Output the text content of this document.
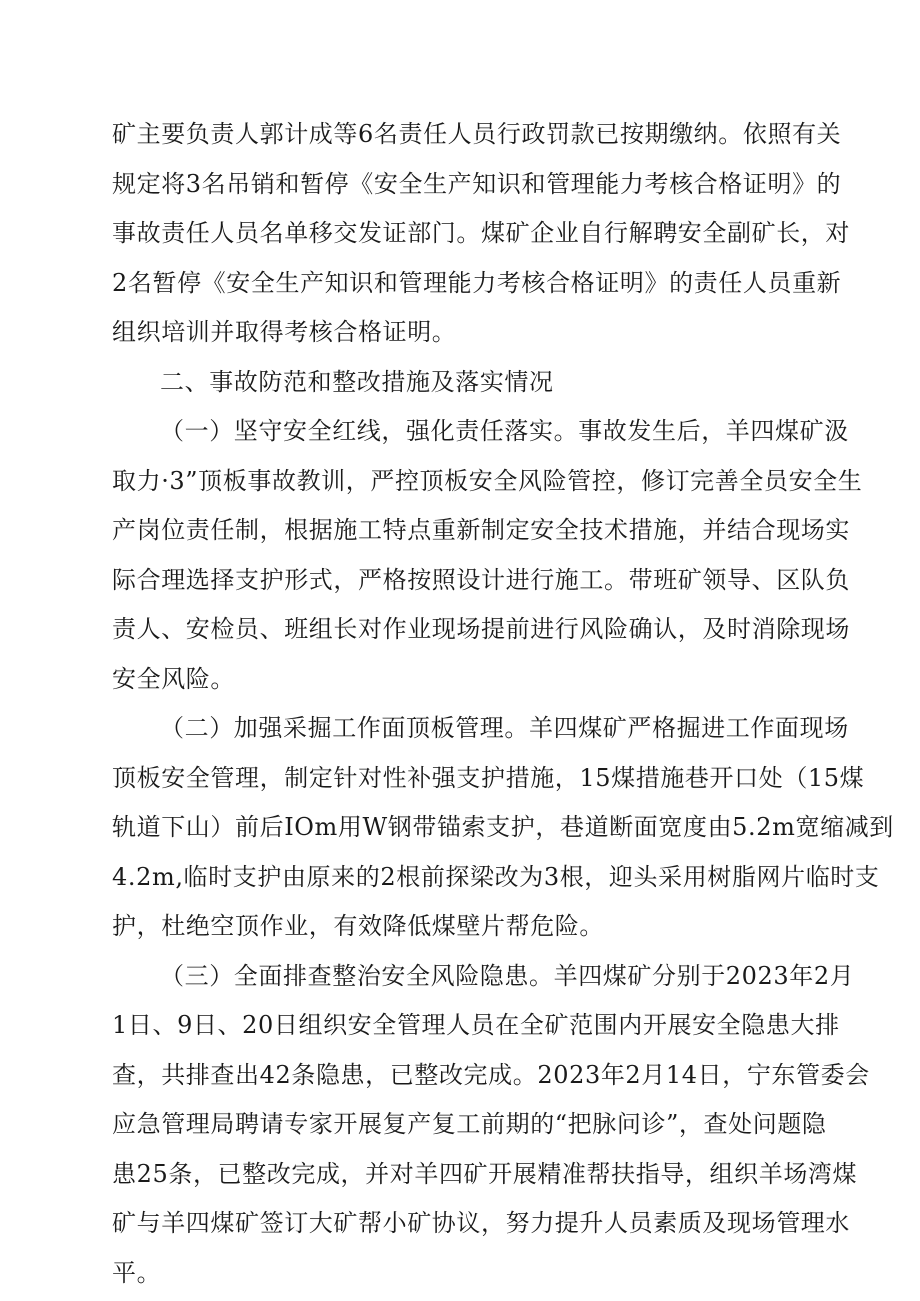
矿主要负责人郭计成等6名责任人员行政罚款已按期缴纳。依照有关
规定将3名吊销和暂停《安全生产知识和管理能力考核合格证明》的
事故责任人员名单移交发证部门。煤矿企业自行解聘安全副矿长，对
2名暂停《安全生产知识和管理能力考核合格证明》的责任人员重新
组织培训并取得考核合格证明。
二、事故防范和整改措施及落实情况
（一）坚守安全红线，强化责任落实。事故发生后，羊四煤矿汲
取力·3”顶板事故教训，严控顶板安全风险管控，修订完善全员安全生
产岗位责任制，根据施工特点重新制定安全技术措施，并结合现场实
际合理选择支护形式，严格按照设计进行施工。带班矿领导、区队负
责人、安检员、班组长对作业现场提前进行风险确认，及时消除现场
安全风险。
（二）加强采掘工作面顶板管理。羊四煤矿严格掘进工作面现场
顶板安全管理，制定针对性补强支护措施，15煤措施巷开口处（15煤
轨道下山）前后IOm用W钢带锚索支护，巷道断面宽度由5.2m宽缩减到
4.2m,临时支护由原来的2根前探梁改为3根，迎头采用树脂网片临时支
护，杜绝空顶作业，有效降低煤壁片帮危险。
（三）全面排查整治安全风险隐患。羊四煤矿分别于2023年2月
1日、9日、20日组织安全管理人员在全矿范围内开展安全隐患大排
查，共排查出42条隐患，已整改完成。2023年2月14日，宁东管委会
应急管理局聘请专家开展复产复工前期的“把脉问诊”，查处问题隐
患25条，已整改完成，并对羊四矿开展精准帮扶指导，组织羊场湾煤
矿与羊四煤矿签订大矿帮小矿协议，努力提升人员素质及现场管理水
平。
